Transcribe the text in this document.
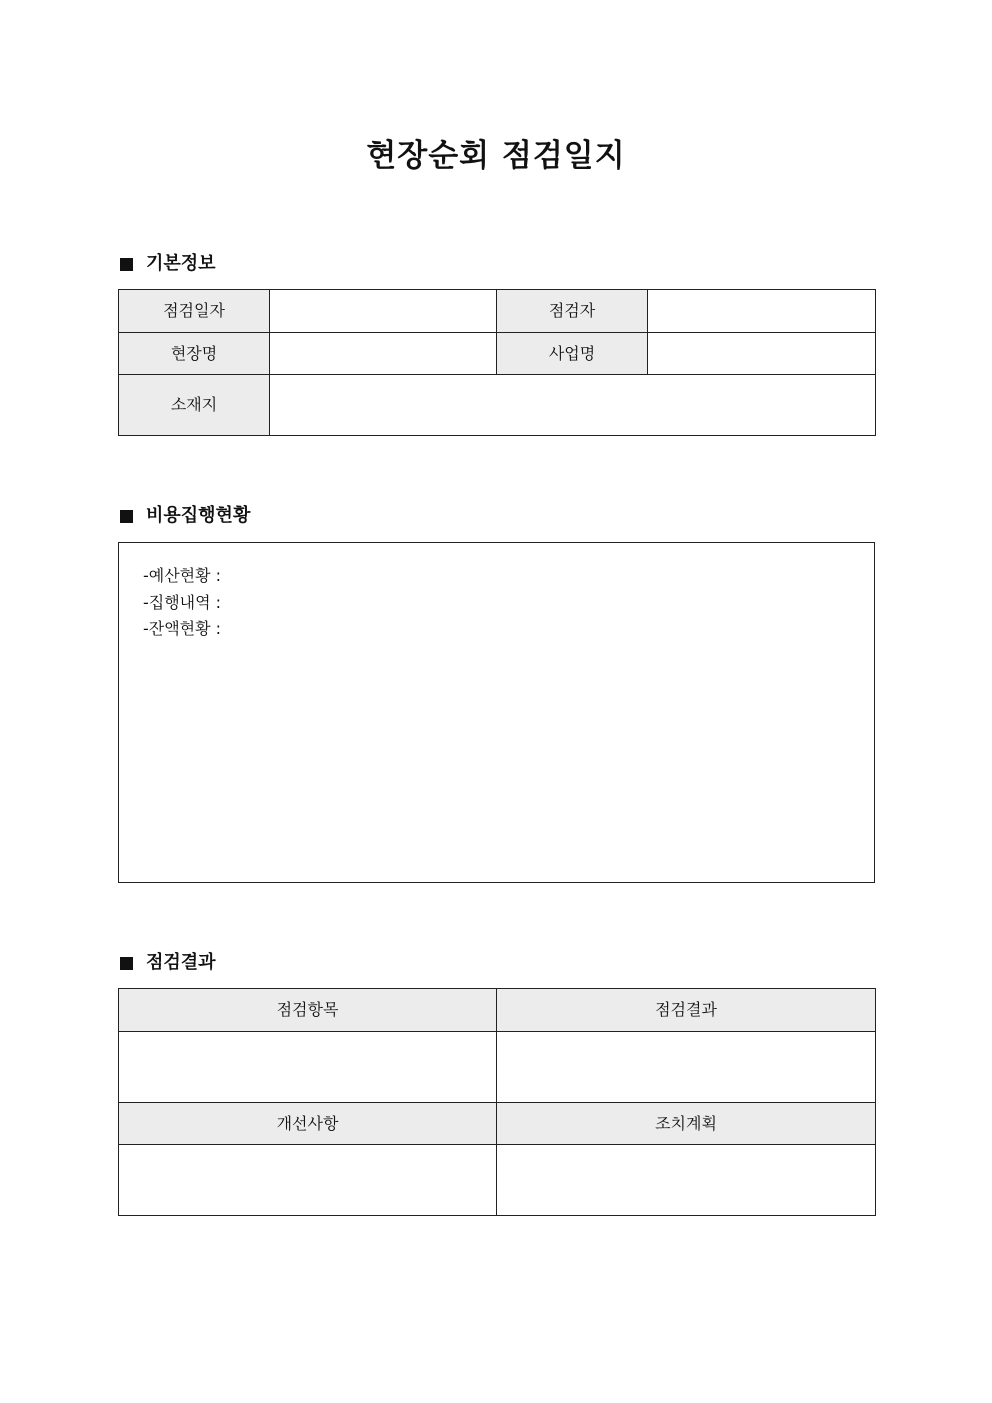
현장순회 점검일지
기본정보
점검일자		점검자	
현장명		사업명	
소재지			
비용집행현황
-예산현황 :
-집행내역 :
-잔액현황 :
점검결과
점검항목	점검결과

개선사항	조치계획
